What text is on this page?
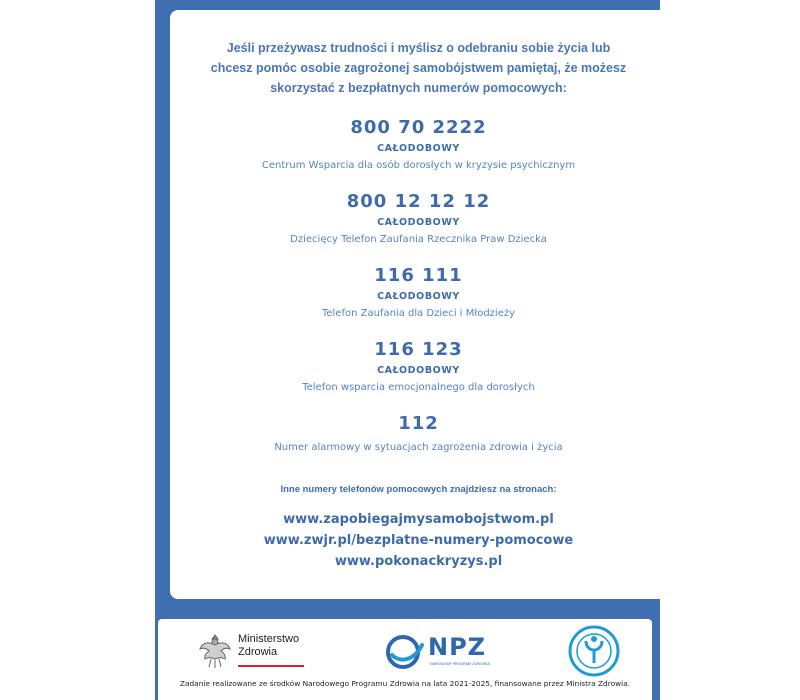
Jeśli przeżywasz trudności i myślisz o odebraniu sobie życia lub
chcesz pomóc osobie zagrożonej samobójstwem pamiętaj, że możesz
skorzystać z bezpłatnych numerów pomocowych:
800 70 2222
CAŁODOBOWY
Centrum Wsparcia dla osób dorosłych w kryzysie psychicznym
800 12 12 12
CAŁODOBOWY
Dziecięcy Telefon Zaufania Rzecznika Praw Dziecka
116 111
CAŁODOBOWY
Telefon Zaufania dla Dzieci i Młodzieży
116 123
CAŁODOBOWY
Telefon wsparcia emocjonalnego dla dorosłych
112
Numer alarmowy w sytuacjach zagrożenia zdrowia i życia
Inne numery telefonów pomocowych znajdziesz na stronach:
www.zapobiegajmysamobojstwom.pl
www.zwjr.pl/bezplatne-numery-pomocowe
www.pokonackryzys.pl
Ministerstwo
Zdrowia	NPZ
NARODOWY PROGRAM ZDROWIA
Zadanie realizowane ze środków Narodowego Programu Zdrowia na lata 2021-2025, finansowane przez Ministra Zdrowia.
